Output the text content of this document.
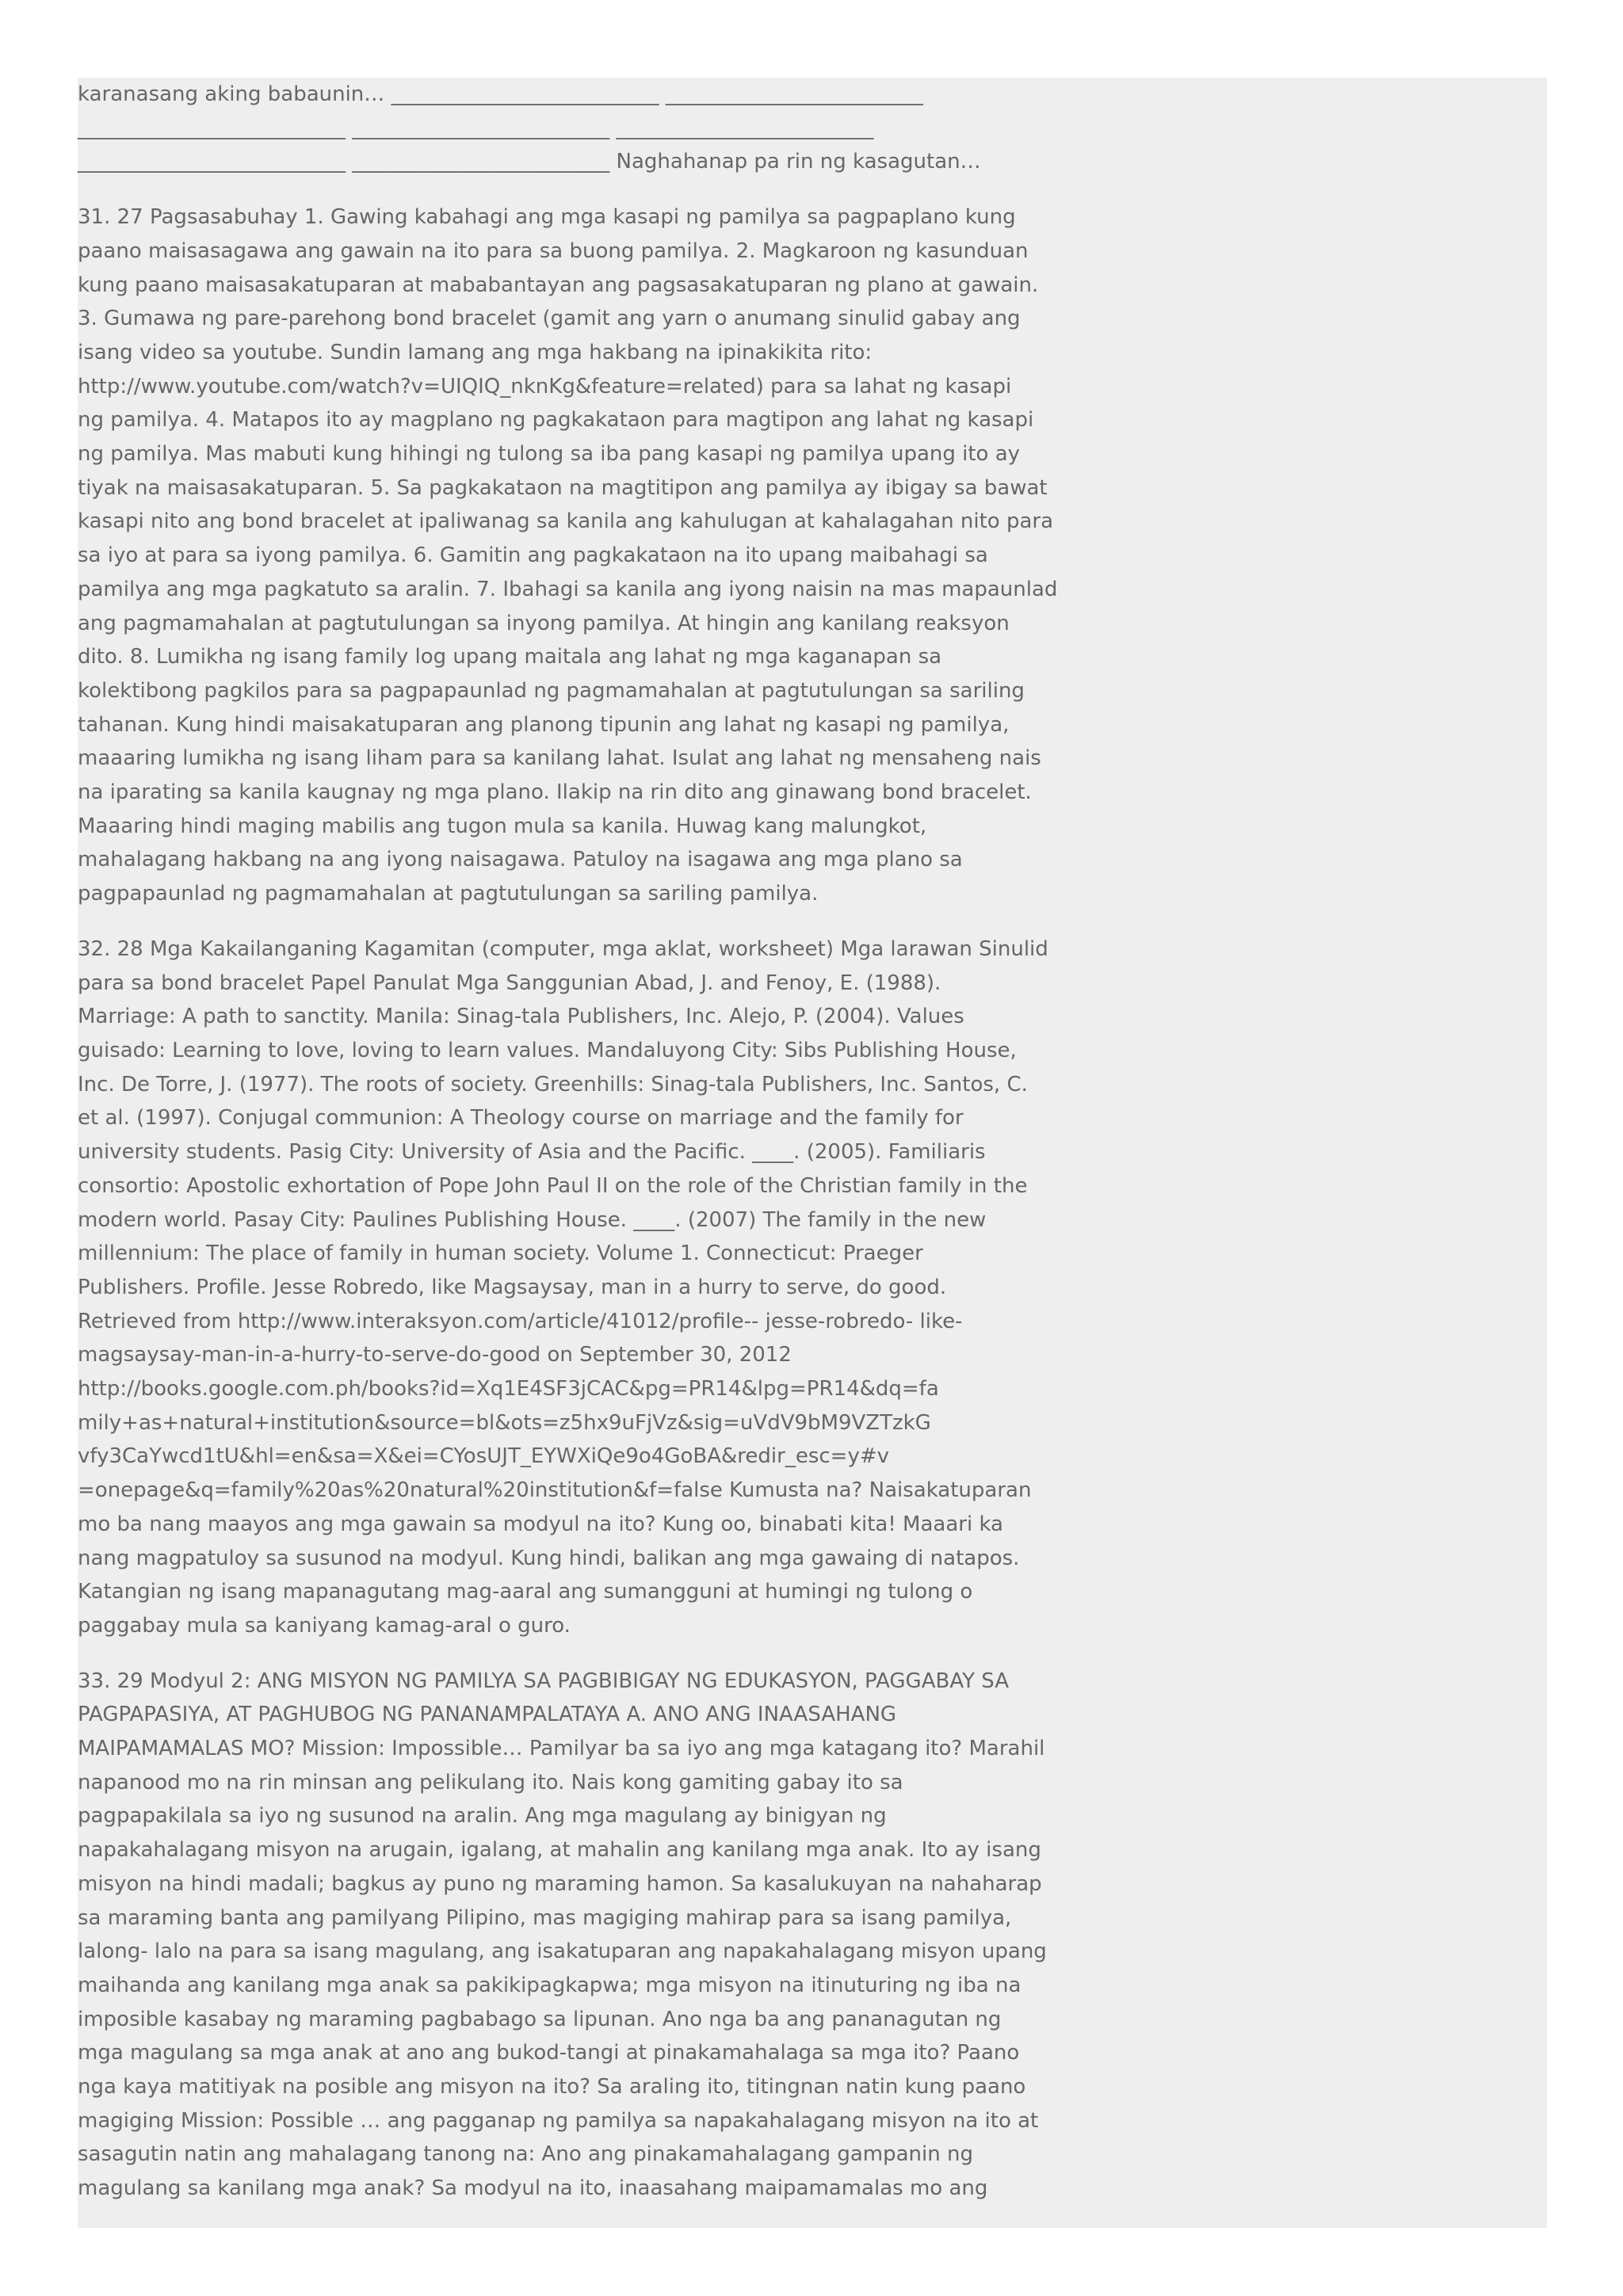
karanasang aking babaunin… __________________________ _________________________
__________________________ _________________________ _________________________
__________________________ _________________________ Naghahanap pa rin ng kasagutan…

31. 27 Pagsasabuhay 1. Gawing kabahagi ang mga kasapi ng pamilya sa pagpaplano kung
paano maisasagawa ang gawain na ito para sa buong pamilya. 2. Magkaroon ng kasunduan
kung paano maisasakatuparan at mababantayan ang pagsasakatuparan ng plano at gawain.
3. Gumawa ng pare-parehong bond bracelet (gamit ang yarn o anumang sinulid gabay ang
isang video sa youtube. Sundin lamang ang mga hakbang na ipinakikita rito:
http://www.youtube.com/watch?v=UIQIQ_nknKg&feature=related) para sa lahat ng kasapi
ng pamilya. 4. Matapos ito ay magplano ng pagkakataon para magtipon ang lahat ng kasapi
ng pamilya. Mas mabuti kung hihingi ng tulong sa iba pang kasapi ng pamilya upang ito ay
tiyak na maisasakatuparan. 5. Sa pagkakataon na magtitipon ang pamilya ay ibigay sa bawat
kasapi nito ang bond bracelet at ipaliwanag sa kanila ang kahulugan at kahalagahan nito para
sa iyo at para sa iyong pamilya. 6. Gamitin ang pagkakataon na ito upang maibahagi sa
pamilya ang mga pagkatuto sa aralin. 7. Ibahagi sa kanila ang iyong naisin na mas mapaunlad
ang pagmamahalan at pagtutulungan sa inyong pamilya. At hingin ang kanilang reaksyon
dito. 8. Lumikha ng isang family log upang maitala ang lahat ng mga kaganapan sa
kolektibong pagkilos para sa pagpapaunlad ng pagmamahalan at pagtutulungan sa sariling
tahanan. Kung hindi maisakatuparan ang planong tipunin ang lahat ng kasapi ng pamilya,
maaaring lumikha ng isang liham para sa kanilang lahat. Isulat ang lahat ng mensaheng nais
na iparating sa kanila kaugnay ng mga plano. Ilakip na rin dito ang ginawang bond bracelet.
Maaaring hindi maging mabilis ang tugon mula sa kanila. Huwag kang malungkot,
mahalagang hakbang na ang iyong naisagawa. Patuloy na isagawa ang mga plano sa
pagpapaunlad ng pagmamahalan at pagtutulungan sa sariling pamilya.

32. 28 Mga Kakailanganing Kagamitan (computer, mga aklat, worksheet) Mga larawan Sinulid
para sa bond bracelet Papel Panulat Mga Sanggunian Abad, J. and Fenoy, E. (1988).
Marriage: A path to sanctity. Manila: Sinag-tala Publishers, Inc. Alejo, P. (2004). Values
guisado: Learning to love, loving to learn values. Mandaluyong City: Sibs Publishing House,
Inc. De Torre, J. (1977). The roots of society. Greenhills: Sinag-tala Publishers, Inc. Santos, C.
et al. (1997). Conjugal communion: A Theology course on marriage and the family for
university students. Pasig City: University of Asia and the Pacific. ____. (2005). Familiaris
consortio: Apostolic exhortation of Pope John Paul II on the role of the Christian family in the
modern world. Pasay City: Paulines Publishing House. ____. (2007) The family in the new
millennium: The place of family in human society. Volume 1. Connecticut: Praeger
Publishers. Profile. Jesse Robredo, like Magsaysay, man in a hurry to serve, do good.
Retrieved from http://www.interaksyon.com/article/41012/profile-- jesse-robredo- like-
magsaysay-man-in-a-hurry-to-serve-do-good on September 30, 2012
http://books.google.com.ph/books?id=Xq1E4SF3jCAC&pg=PR14&lpg=PR14&dq=fa
mily+as+natural+institution&source=bl&ots=z5hx9uFjVz&sig=uVdV9bM9VZTzkG
vfy3CaYwcd1tU&hl=en&sa=X&ei=CYosUJT_EYWXiQe9o4GoBA&redir_esc=y#v
=onepage&q=family%20as%20natural%20institution&f=false Kumusta na? Naisakatuparan
mo ba nang maayos ang mga gawain sa modyul na ito? Kung oo, binabati kita! Maaari ka
nang magpatuloy sa susunod na modyul. Kung hindi, balikan ang mga gawaing di natapos.
Katangian ng isang mapanagutang mag-aaral ang sumangguni at humingi ng tulong o
paggabay mula sa kaniyang kamag-aral o guro.

33. 29 Modyul 2: ANG MISYON NG PAMILYA SA PAGBIBIGAY NG EDUKASYON, PAGGABAY SA
PAGPAPASIYA, AT PAGHUBOG NG PANANAMPALATAYA A. ANO ANG INAASAHANG
MAIPAMAMALAS MO? Mission: Impossible… Pamilyar ba sa iyo ang mga katagang ito? Marahil
napanood mo na rin minsan ang pelikulang ito. Nais kong gamiting gabay ito sa
pagpapakilala sa iyo ng susunod na aralin. Ang mga magulang ay binigyan ng
napakahalagang misyon na arugain, igalang, at mahalin ang kanilang mga anak. Ito ay isang
misyon na hindi madali; bagkus ay puno ng maraming hamon. Sa kasalukuyan na nahaharap
sa maraming banta ang pamilyang Pilipino, mas magiging mahirap para sa isang pamilya,
lalong- lalo na para sa isang magulang, ang isakatuparan ang napakahalagang misyon upang
maihanda ang kanilang mga anak sa pakikipagkapwa; mga misyon na itinuturing ng iba na
imposible kasabay ng maraming pagbabago sa lipunan. Ano nga ba ang pananagutan ng
mga magulang sa mga anak at ano ang bukod-tangi at pinakamahalaga sa mga ito? Paano
nga kaya matitiyak na posible ang misyon na ito? Sa araling ito, titingnan natin kung paano
magiging Mission: Possible … ang pagganap ng pamilya sa napakahalagang misyon na ito at
sasagutin natin ang mahalagang tanong na: Ano ang pinakamahalagang gampanin ng
magulang sa kanilang mga anak? Sa modyul na ito, inaasahang maipamamalas mo ang
